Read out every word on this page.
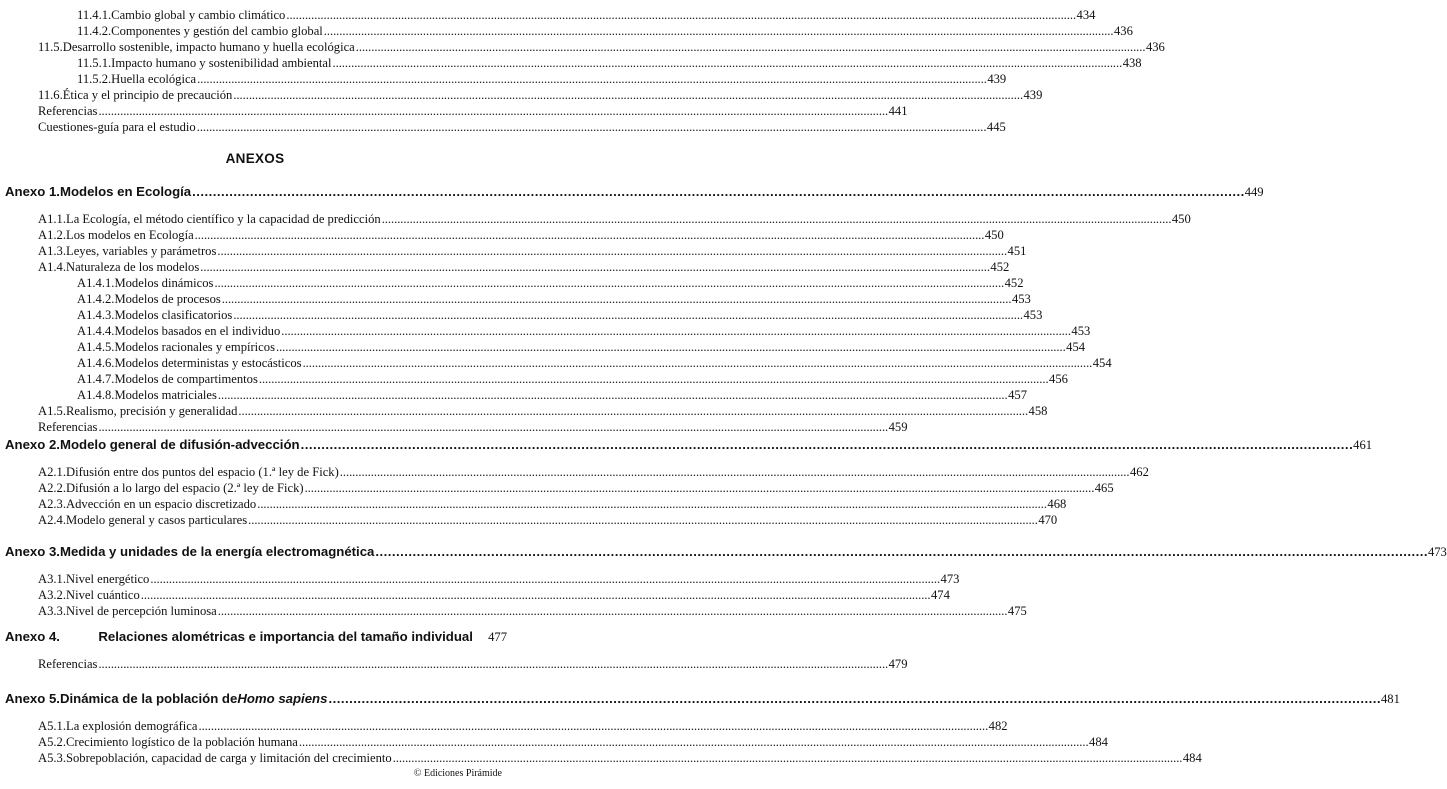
ANEXOS
© Ediciones Pirámide
11.4.1. Cambio global y cambio climático . . .	434
11.4.2. Componentes y gestión del cambio global . . .	436
11.5. Desarrollo sostenible, impacto humano y huella ecológica . . .	436
11.5.1. Impacto humano y sostenibilidad ambiental . . .	438
11.5.2. Huella ecológica . . .	439
11.6. Ética y el principio de precaución . . .	439
Referencias . . .	441
Cuestiones-guía para el estudio . . .	445
Anexo 1. Modelos en Ecología . . .	449
A1.1. La Ecología, el método científico y la capacidad de predicción . . .	450
A1.2. Los modelos en Ecología . . .	450
A1.3. Leyes, variables y parámetros . . .	451
A1.4. Naturaleza de los modelos . . .	452
A1.4.1. Modelos dinámicos . . .	452
A1.4.2. Modelos de procesos . . .	453
A1.4.3. Modelos clasificatorios . . .	453
A1.4.4. Modelos basados en el individuo . . .	453
A1.4.5. Modelos racionales y empíricos . . .	454
A1.4.6. Modelos deterministas y estocásticos . . .	454
A1.4.7. Modelos de compartimentos . . .	456
A1.4.8. Modelos matriciales . . .	457
A1.5. Realismo, precisión y generalidad . . .	458
Referencias . . .	459
Anexo 2. Modelo general de difusión-advección . . .	461
A2.1. Difusión entre dos puntos del espacio (1.ª ley de Fick) . . .	462
A2.2. Difusión a lo largo del espacio (2.ª ley de Fick) . . .	465
A2.3. Advección en un espacio discretizado . . .	468
A2.4. Modelo general y casos particulares . . .	470
Anexo 3. Medida y unidades de la energía electromagnética . . .	473
A3.1. Nivel energético . . .	473
A3.2. Nivel cuántico . . .	474
A3.3. Nivel de percepción luminosa . . .	475
Anexo 4.	Relaciones alométricas e importancia del tamaño individual	477
Referencias . . .	479
Anexo 5. Dinámica de la población de Homo sapiens . . .	481
A5.1. La explosión demográfica . . .	482
A5.2. Crecimiento logístico de la población humana . . .	484
A5.3. Sobrepoblación, capacidad de carga y limitación del crecimiento . . .	484
